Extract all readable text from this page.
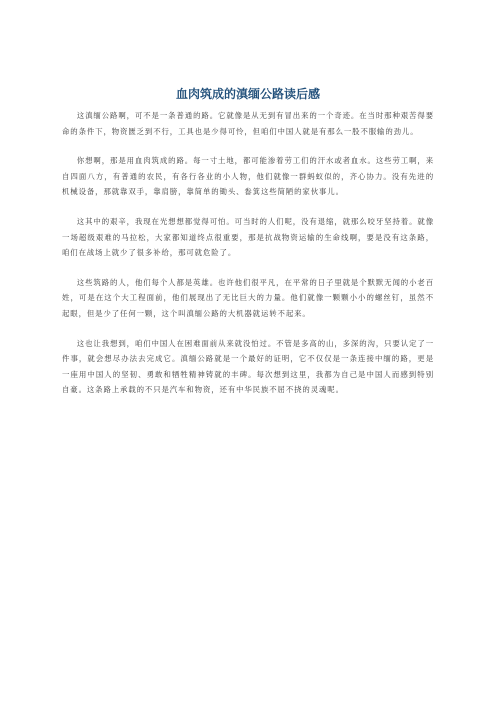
血肉筑成的滇缅公路读后感

这滇缅公路啊，可不是一条普通的路。它就像是从无到有冒出来的一个奇迹。在当时那种艰苦得要命的条件下，物资匮乏到不行，工具也是少得可怜，但咱们中国人就是有那么一股不服输的劲儿。

你想啊，那是用血肉筑成的路。每一寸土地，都可能渗着劳工们的汗水或者血水。这些劳工啊，来自四面八方，有普通的农民，有各行各业的小人物，他们就像一群蚂蚁似的，齐心协力。没有先进的机械设备，那就靠双手，靠肩膀，靠简单的锄头、畚箕这些简陋的家伙事儿。

这其中的艰辛，我现在光想想都觉得可怕。可当时的人们呢，没有退缩，就那么咬牙坚持着。就像一场超级艰难的马拉松，大家都知道终点很重要，那是抗战物资运输的生命线啊，要是没有这条路，咱们在战场上就少了很多补给，那可就危险了。

这些筑路的人，他们每个人都是英雄。也许他们很平凡，在平常的日子里就是个默默无闻的小老百姓，可是在这个大工程面前，他们展现出了无比巨大的力量。他们就像一颗颗小小的螺丝钉，虽然不起眼，但是少了任何一颗，这个叫滇缅公路的大机器就运转不起来。

这也让我想到，咱们中国人在困难面前从来就没怕过。不管是多高的山，多深的沟，只要认定了一件事，就会想尽办法去完成它。滇缅公路就是一个最好的证明，它不仅仅是一条连接中缅的路，更是一座用中国人的坚韧、勇敢和牺牲精神铸就的丰碑。每次想到这里，我都为自己是中国人而感到特别自豪。这条路上承载的不只是汽车和物资，还有中华民族不屈不挠的灵魂呢。
